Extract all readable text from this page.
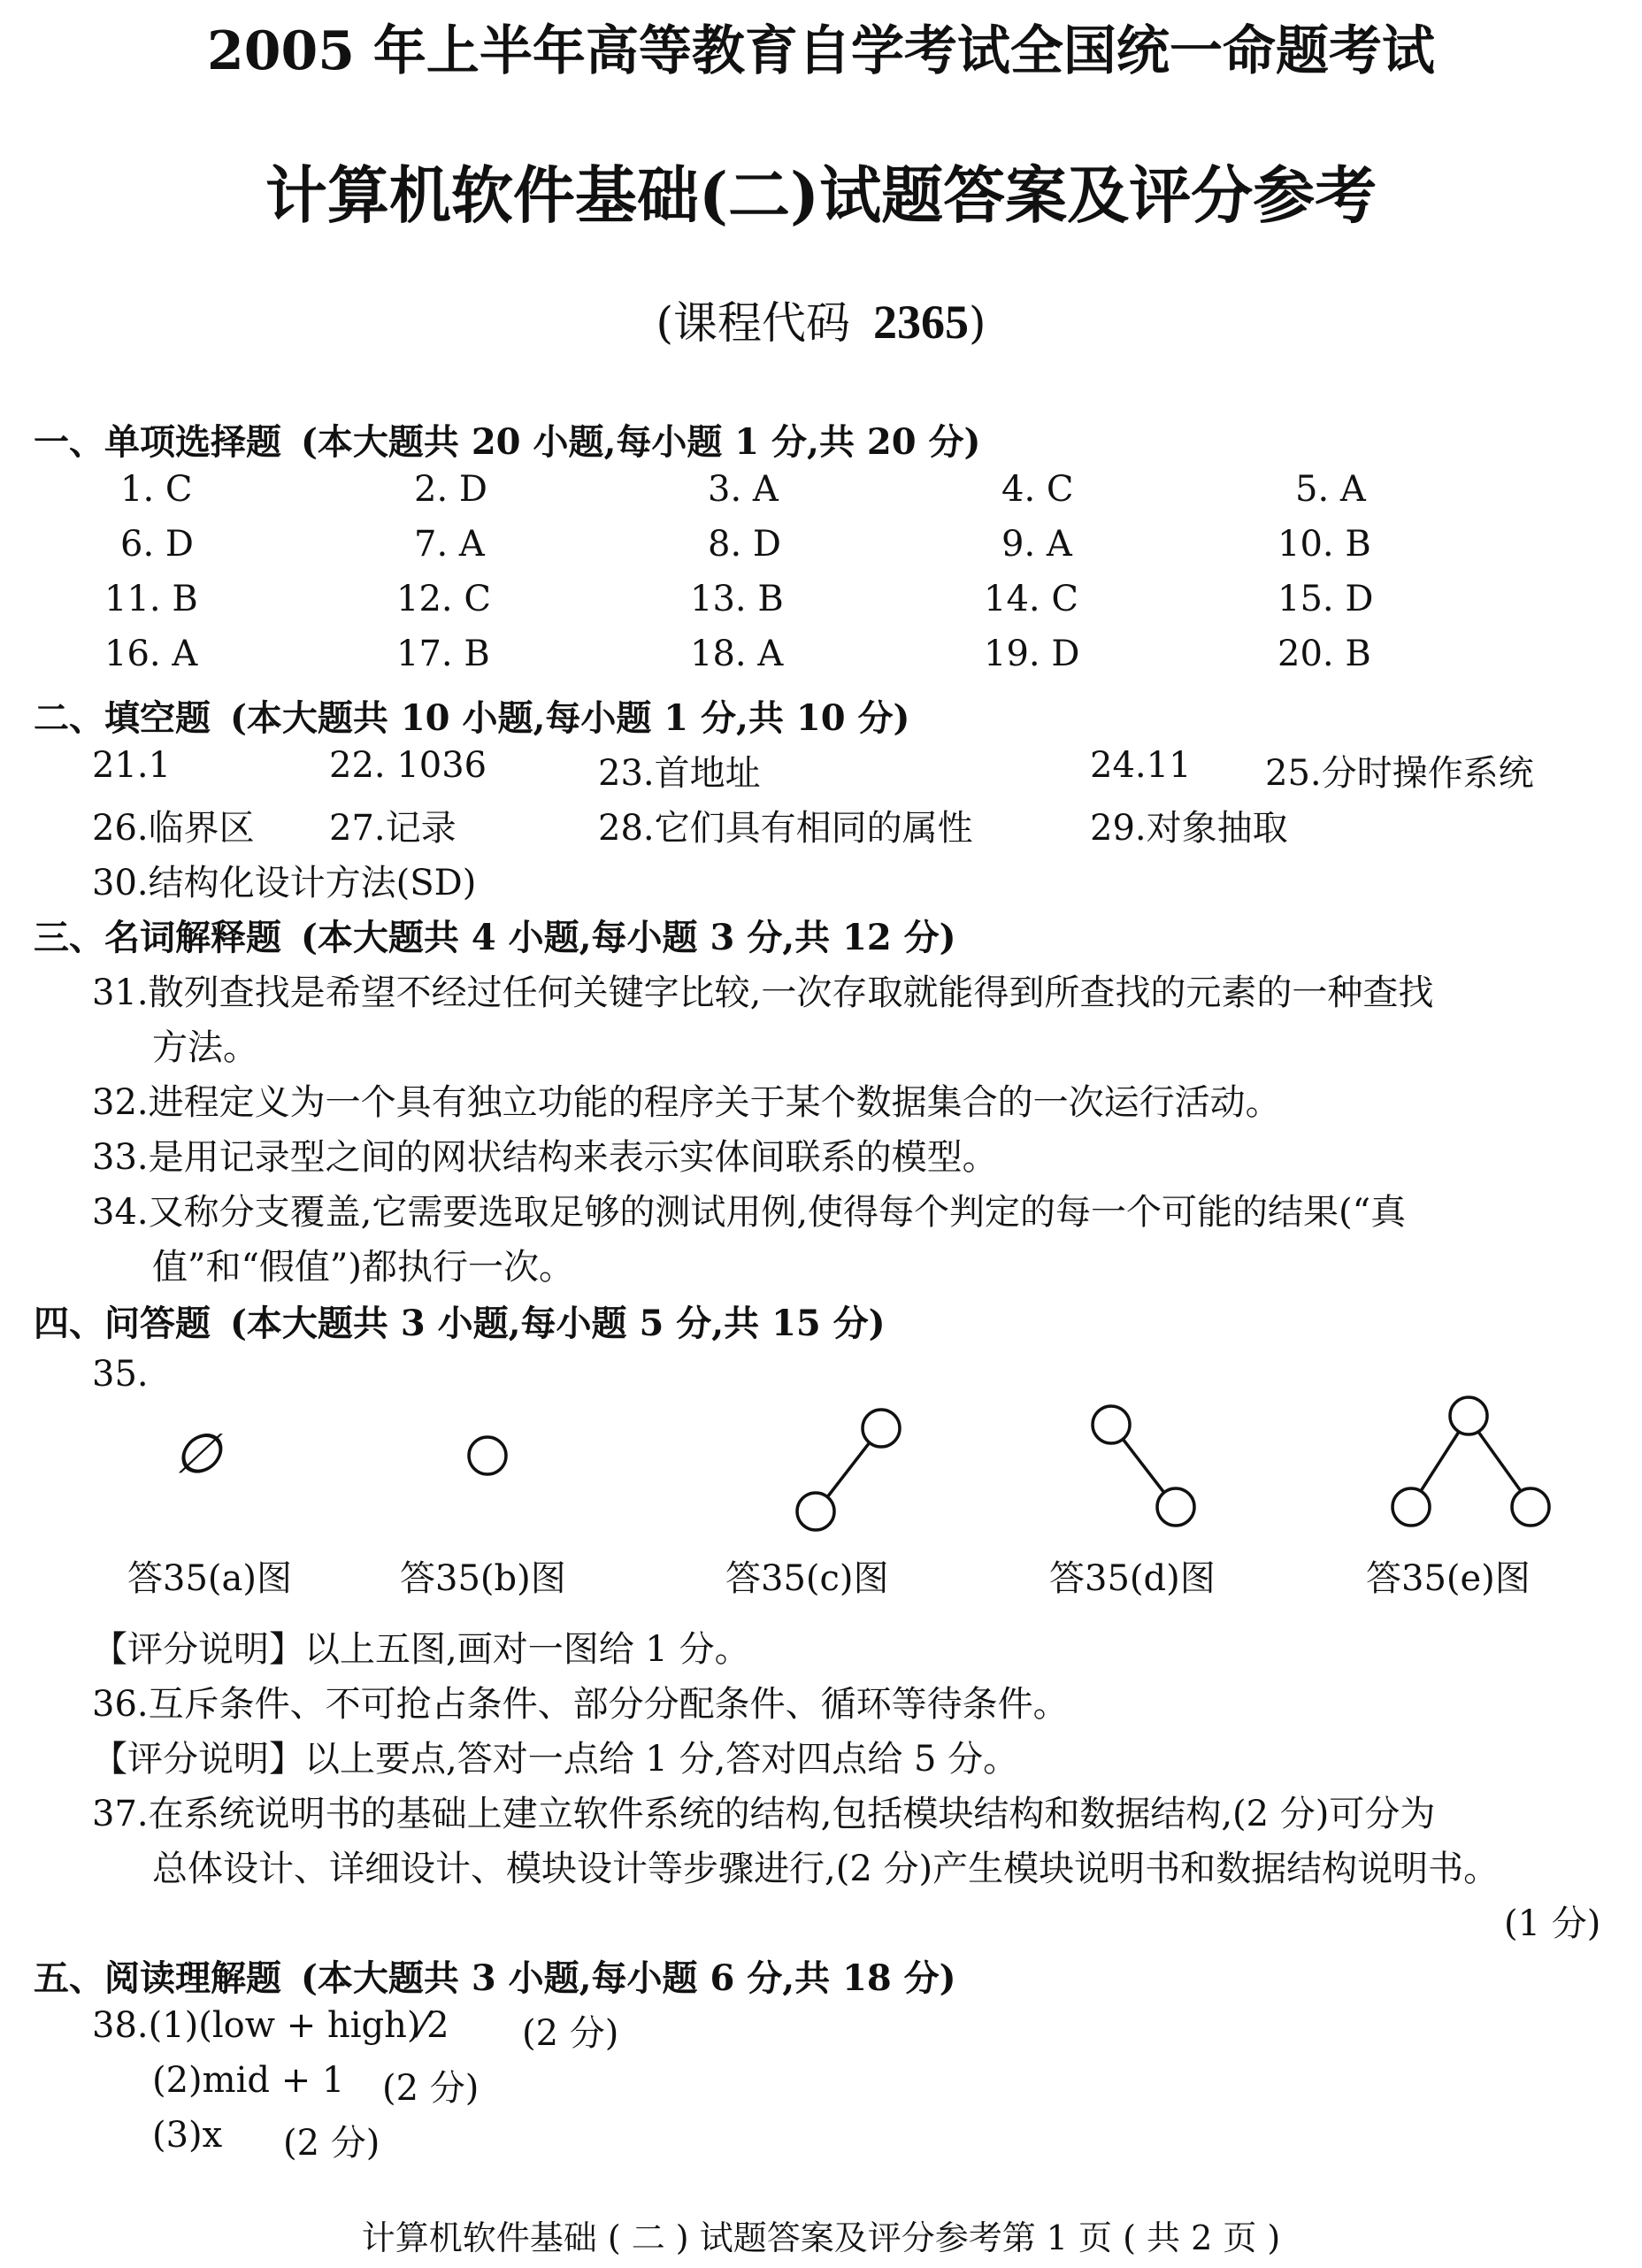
2005 年上半年高等教育自学考试全国统一命题考试
计算机软件基础(二)试题答案及评分参考
(课程代码 2365)
一、单项选择题 (本大题共 20 小题,每小题 1 分,共 20 分)
1. C	2. D	3. A	4. C	5. A
6. D	7. A	8. D	9. A	10. B
11. B	12. C	13. B	14. C	15. D
16. A	17. B	18. A	19. D	20. B
二、填空题 (本大题共 10 小题,每小题 1 分,共 10 分)
21.1	22. 1036	23.首地址	24.11 25.分时操作系统
26.临界区 27.记录	28.它们具有相同的属性	29.对象抽取
30.结构化设计方法(SD)
三、名词解释题 (本大题共 4 小题,每小题 3 分,共 12 分)
31.散列查找是希望不经过任何关键字比较,一次存取就能得到所查找的元素的一种查找
方法。
32.进程定义为一个具有独立功能的程序关于某个数据集合的一次运行活动。
33.是用记录型之间的网状结构来表示实体间联系的模型。
34.又称分支覆盖,它需要选取足够的测试用例,使得每个判定的每一个可能的结果(“真
值”和“假值”)都执行一次。
四、问答题 (本大题共 3 小题,每小题 5 分,共 15 分)
35.
∅
答35(a)图	答35(b)图	答35(c)图	答35(d)图	答35(e)图
【评分说明】以上五图,画对一图给 1 分。
36.互斥条件、不可抢占条件、部分分配条件、循环等待条件。
【评分说明】以上要点,答对一点给 1 分,答对四点给 5 分。
37.在系统说明书的基础上建立软件系统的结构,包括模块结构和数据结构,(2 分)可分为
总体设计、详细设计、模块设计等步骤进行,(2 分)产生模块说明书和数据结构说明书。
(1 分)
五、阅读理解题 (本大题共 3 小题,每小题 6 分,共 18 分)
38.(1)(low + high)⁄2 (2 分)
(2)mid + 1 (2 分)
(3)x (2 分)
计算机软件基础 ( 二 ) 试题答案及评分参考第 1 页 ( 共 2 页 )
